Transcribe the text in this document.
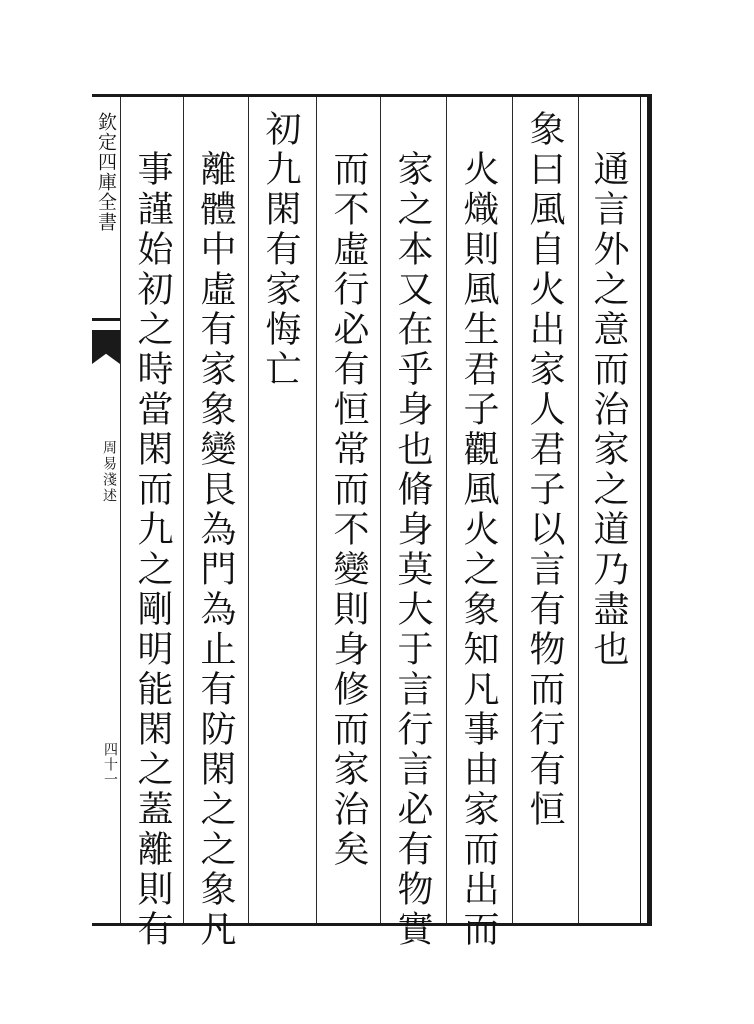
欽定四庫全書
周易淺述
四十一
通言外之意而治家之道乃盡也
象曰風自火出家人君子以言有物而行有恒
火熾則風生君子觀風火之象知凡事由家而出而
家之本又在乎身也脩身莫大于言行言必有物實
而不虛行必有恒常而不變則身修而家治矣
初九閑有家悔亡
離體中虛有家象變艮為門為止有防閑之之象凡
事謹始初之時當閑而九之剛明能閑之蓋離則有
